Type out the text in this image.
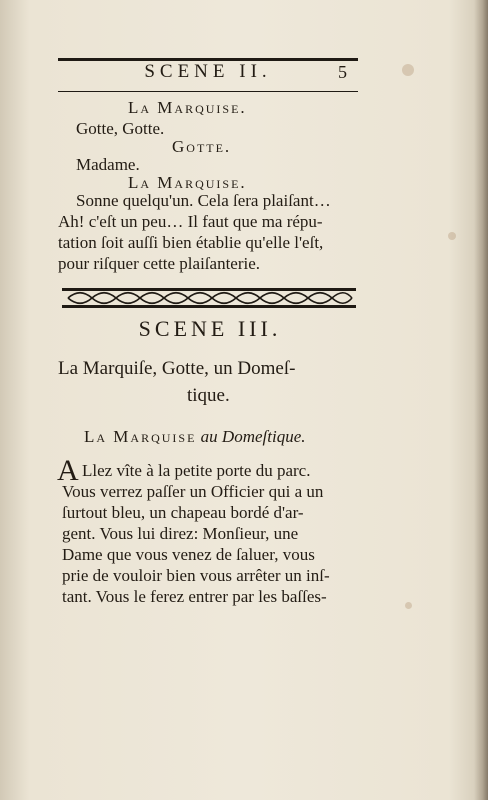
SCENE II.	5
La Marquise.
Gotte, Gotte.
Gotte.
Madame.
La Marquise.
Sonne quelqu'un. Cela ſera plaiſant…
Ah! c'eſt un peu… Il faut que ma répu-
tation ſoit auſſi bien établie qu'elle l'eſt,
pour riſquer cette plaiſanterie.
SCENE III.
La Marquiſe, Gotte, un Domeſ-
tique.
La Marquise au Domeſtique.
A Llez vîte à la petite porte du parc.
Vous verrez paſſer un Officier qui a un
ſurtout bleu, un chapeau bordé d'ar-
gent. Vous lui direz: Monſieur, une
Dame que vous venez de ſaluer, vous
prie de vouloir bien vous arrêter un inſ-
tant. Vous le ferez entrer par les baſſes-
